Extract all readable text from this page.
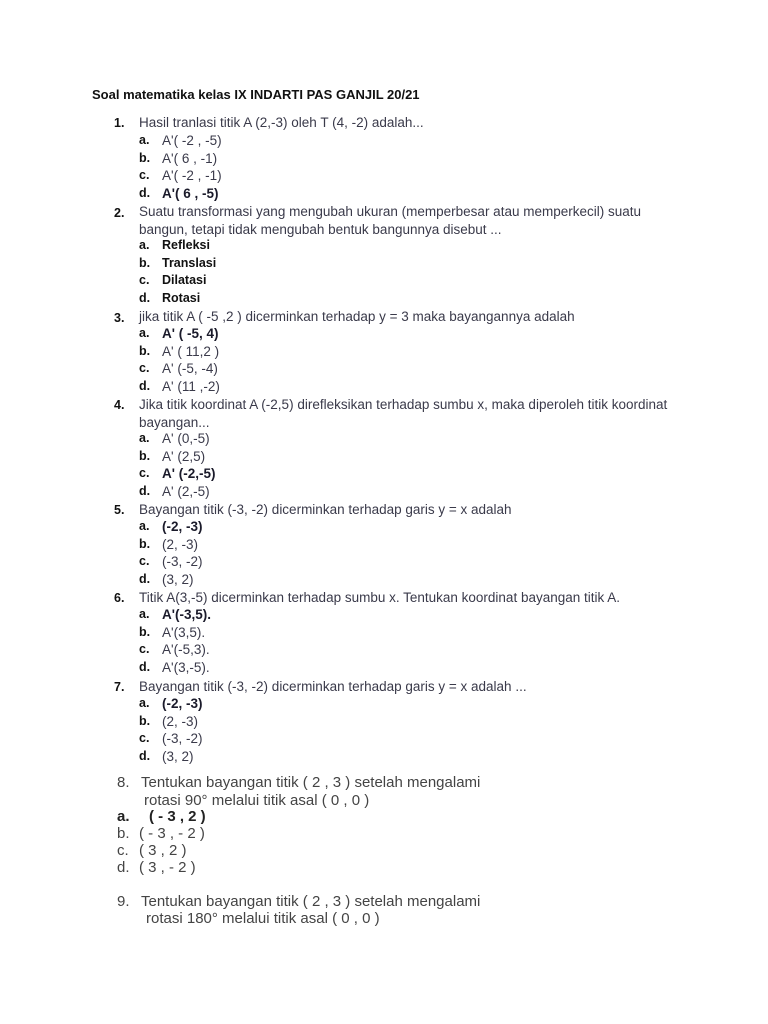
Soal matematika kelas IX INDARTI PAS GANJIL 20/21
1. Hasil tranlasi titik A (2,-3) oleh T (4, -2) adalah...
a. A'( -2 , -5)
b. A'( 6 , -1)
c. A'( -2 , -1)
d. A'( 6 , -5)
2. Suatu transformasi yang mengubah ukuran (memperbesar atau memperkecil) suatu bangun, tetapi tidak mengubah bentuk bangunnya disebut ...
a. Refleksi
b. Translasi
c. Dilatasi
d. Rotasi
3. jika titik A ( -5 ,2 ) dicerminkan terhadap y = 3 maka bayangannya adalah
a. A' ( -5, 4)
b. A' ( 11,2 )
c. A' (-5, -4)
d. A' (11 ,-2)
4. Jika titik koordinat A (-2,5) direfleksikan terhadap sumbu x, maka diperoleh titik koordinat bayangan...
a. A' (0,-5)
b. A' (2,5)
c. A' (-2,-5)
d. A' (2,-5)
5. Bayangan titik (-3, -2) dicerminkan terhadap garis y = x adalah
a. (-2, -3)
b. (2, -3)
c. (-3, -2)
d. (3, 2)
6. Titik A(3,-5) dicerminkan terhadap sumbu x. Tentukan koordinat bayangan titik A.
a. A'(-3,5).
b. A'(3,5).
c. A'(-5,3).
d. A'(3,-5).
7. Bayangan titik (-3, -2) dicerminkan terhadap garis y = x adalah ...
a. (-2, -3)
b. (2, -3)
c. (-3, -2)
d. (3, 2)
8. Tentukan bayangan titik ( 2 , 3 ) setelah mengalami
rotasi 90° melalui titik asal ( 0 , 0 )
a. ( - 3 , 2 )
b. ( - 3 , - 2 )
c. ( 3 , 2 )
d. ( 3 , - 2 )
9. Tentukan bayangan titik ( 2 , 3 ) setelah mengalami
rotasi 180° melalui titik asal ( 0 , 0 )
